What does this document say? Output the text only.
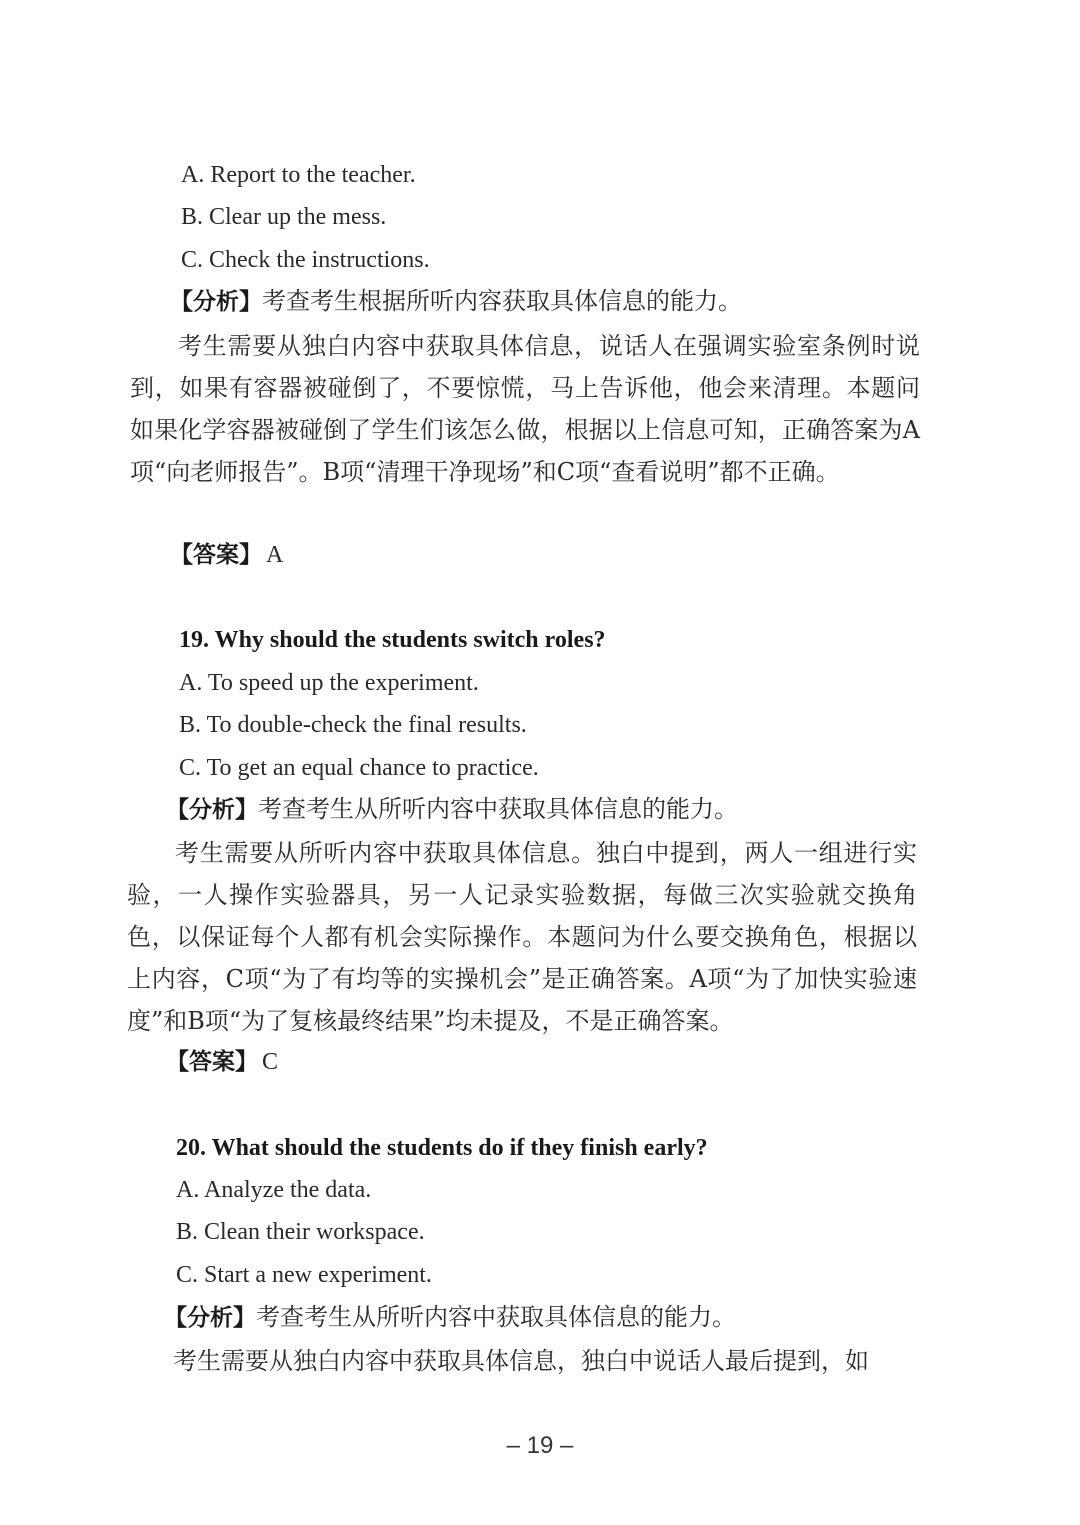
A. Report to the teacher.
B. Clear up the mess.
C. Check the instructions.
【分析】考查考生根据所听内容获取具体信息的能力。
考生需要从独白内容中获取具体信息，说话人在强调实验室条例时说到，如果有容器被碰倒了，不要惊慌，马上告诉他，他会来清理。本题问如果化学容器被碰倒了学生们该怎么做，根据以上信息可知，正确答案为A项“向老师报告”。B项“清理干净现场”和C项“查看说明”都不正确。
【答案】 A
19. Why should the students switch roles?
A. To speed up the experiment.
B. To double-check the final results.
C. To get an equal chance to practice.
【分析】考查考生从所听内容中获取具体信息的能力。
考生需要从所听内容中获取具体信息。独白中提到，两人一组进行实验，一人操作实验器具，另一人记录实验数据，每做三次实验就交换角色，以保证每个人都有机会实际操作。本题问为什么要交换角色，根据以上内容，C项“为了有均等的实操机会”是正确答案。A项“为了加快实验速度”和B项“为了复核最终结果”均未提及，不是正确答案。
【答案】 C
20. What should the students do if they finish early?
A. Analyze the data.
B. Clean their workspace.
C. Start a new experiment.
【分析】考查考生从所听内容中获取具体信息的能力。
考生需要从独白内容中获取具体信息，独白中说话人最后提到，如
– 19 –
